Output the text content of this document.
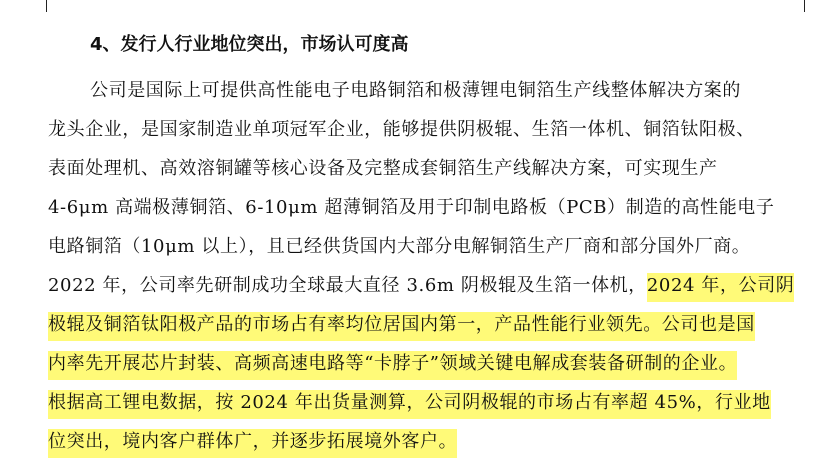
4、发行人行业地位突出，市场认可度高
公司是国际上可提供高性能电子电路铜箔和极薄锂电铜箔生产线整体解决方案的
龙头企业，是国家制造业单项冠军企业，能够提供阴极辊、生箔一体机、铜箔钛阳极、
表面处理机、高效溶铜罐等核心设备及完整成套铜箔生产线解决方案，可实现生产
4-6μm 高端极薄铜箔、6-10μm 超薄铜箔及用于印制电路板（PCB）制造的高性能电子
电路铜箔（10μm 以上），且已经供货国内大部分电解铜箔生产厂商和部分国外厂商。
2022 年，公司率先研制成功全球最大直径 3.6m 阴极辊及生箔一体机，2024 年，公司阴
极辊及铜箔钛阳极产品的市场占有率均位居国内第一，产品性能行业领先。公司也是国
内率先开展芯片封装、高频高速电路等“卡脖子”领域关键电解成套装备研制的企业。
根据高工锂电数据，按 2024 年出货量测算，公司阴极辊的市场占有率超 45%，行业地
位突出，境内客户群体广，并逐步拓展境外客户。
